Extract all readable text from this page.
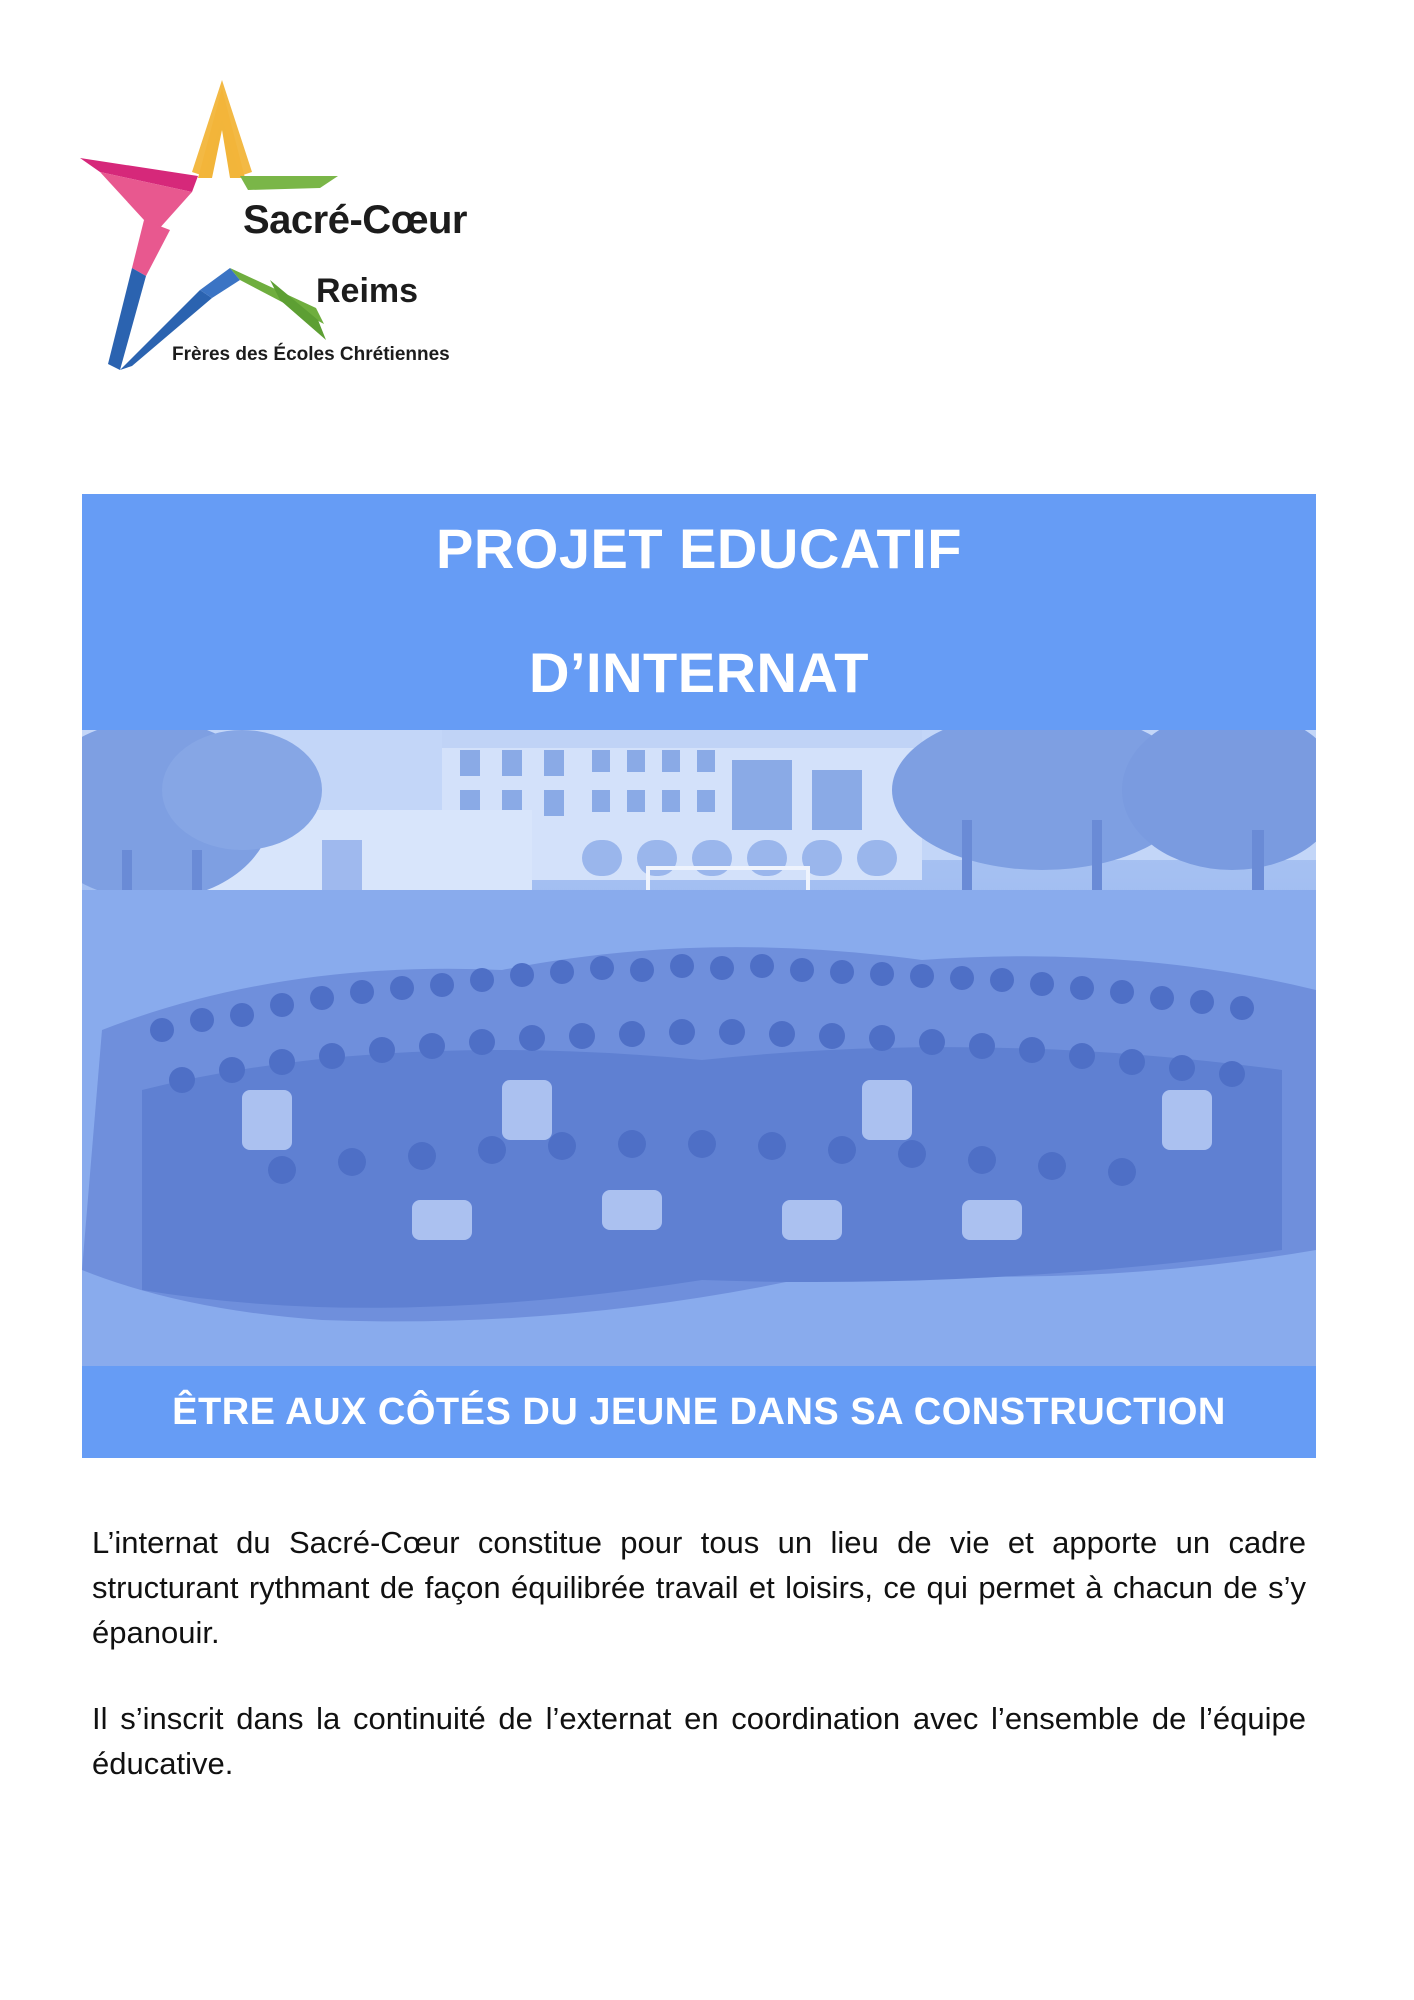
Sacré-Cœur
Reims
Frères des Écoles Chrétiennes
PROJET EDUCATIF
D’INTERNAT
ÊTRE AUX CÔTÉS DU JEUNE DANS SA CONSTRUCTION
L’internat du Sacré-Cœur constitue pour tous un lieu de vie et apporte un cadre structurant rythmant de façon équilibrée travail et loisirs, ce qui permet à chacun de s’y épanouir.
Il s’inscrit dans la continuité de l’externat en coordination avec l’ensemble de l’équipe éducative.
